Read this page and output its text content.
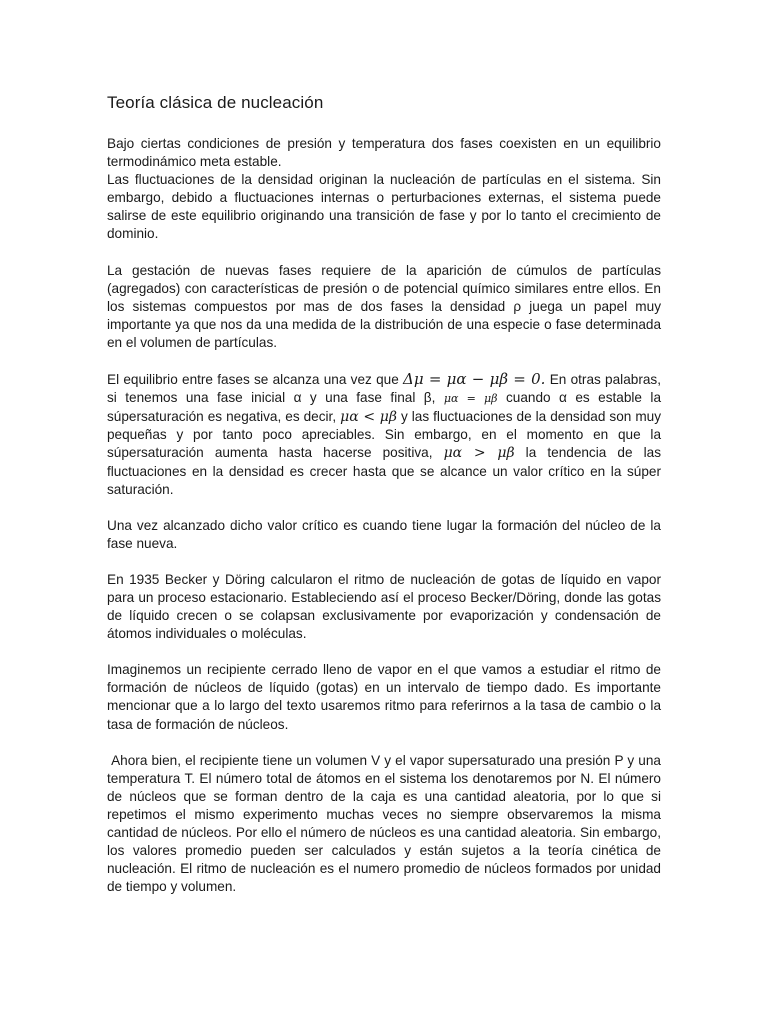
Teoría clásica de nucleación

Bajo ciertas condiciones de presión y temperatura dos fases coexisten en un equilibrio termodinámico meta estable.

Las fluctuaciones de la densidad originan la nucleación de partículas en el sistema. Sin embargo, debido a fluctuaciones internas o perturbaciones externas, el sistema puede salirse de este equilibrio originando una transición de fase y por lo tanto el crecimiento de dominio.

La gestación de nuevas fases requiere de la aparición de cúmulos de partículas (agregados) con características de presión o de potencial químico similares entre ellos. En los sistemas compuestos por mas de dos fases la densidad ρ juega un papel muy importante ya que nos da una medida de la distribución de una especie o fase determinada en el volumen de partículas.

El equilibrio entre fases se alcanza una vez que Δμ = μα − μβ = 0. En otras palabras, si tenemos una fase inicial α y una fase final β, μα = μβ cuando α es estable la súpersaturación es negativa, es decir, μα < μβ y las fluctuaciones de la densidad son muy pequeñas y por tanto poco apreciables. Sin embargo, en el momento en que la súpersaturación aumenta hasta hacerse positiva, μα > μβ la tendencia de las fluctuaciones en la densidad es crecer hasta que se alcance un valor crítico en la súper saturación.

Una vez alcanzado dicho valor crítico es cuando tiene lugar la formación del núcleo de la fase nueva.

En 1935 Becker y Döring calcularon el ritmo de nucleación de gotas de líquido en vapor para un proceso estacionario. Estableciendo así el proceso Becker/Döring, donde las gotas de líquido crecen o se colapsan exclusivamente por evaporización y condensación de átomos individuales o moléculas.

Imaginemos un recipiente cerrado lleno de vapor en el que vamos a estudiar el ritmo de formación de núcleos de líquido (gotas) en un intervalo de tiempo dado. Es importante mencionar que a lo largo del texto usaremos ritmo para referirnos a la tasa de cambio o la tasa de formación de núcleos.

Ahora bien, el recipiente tiene un volumen V y el vapor supersaturado una presión P y una temperatura T. El número total de átomos en el sistema los denotaremos por N. El número de núcleos que se forman dentro de la caja es una cantidad aleatoria, por lo que si repetimos el mismo experimento muchas veces no siempre observaremos la misma cantidad de núcleos. Por ello el número de núcleos es una cantidad aleatoria. Sin embargo, los valores promedio pueden ser calculados y están sujetos a la teoría cinética de nucleación. El ritmo de nucleación es el numero promedio de núcleos formados por unidad de tiempo y volumen.
